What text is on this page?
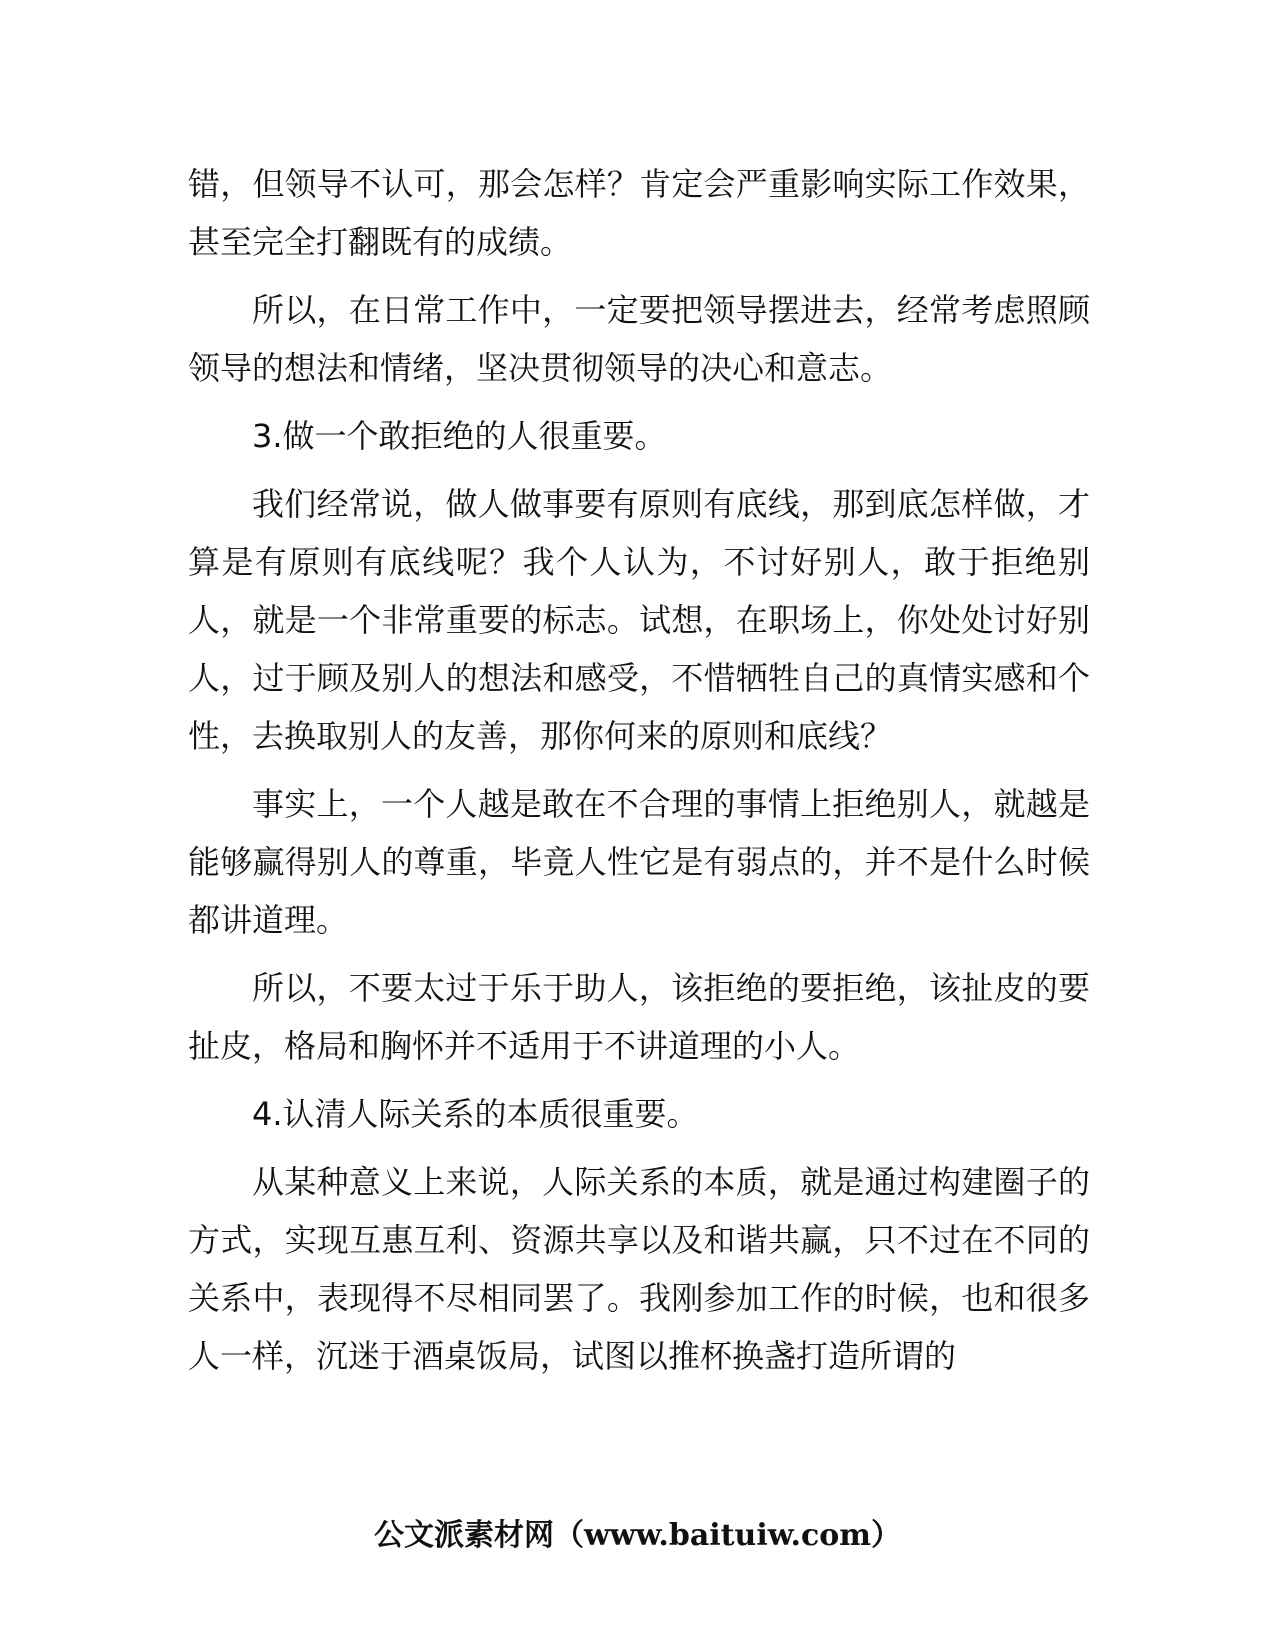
错，但领导不认可，那会怎样？肯定会严重影响实际工作效果，甚至完全打翻既有的成绩。

所以，在日常工作中，一定要把领导摆进去，经常考虑照顾领导的想法和情绪，坚决贯彻领导的决心和意志。

3.做一个敢拒绝的人很重要。

我们经常说，做人做事要有原则有底线，那到底怎样做，才算是有原则有底线呢？我个人认为，不讨好别人，敢于拒绝别人，就是一个非常重要的标志。试想，在职场上，你处处讨好别人，过于顾及别人的想法和感受，不惜牺牲自己的真情实感和个性，去换取别人的友善，那你何来的原则和底线？

事实上，一个人越是敢在不合理的事情上拒绝别人，就越是能够赢得别人的尊重，毕竟人性它是有弱点的，并不是什么时候都讲道理。

所以，不要太过于乐于助人，该拒绝的要拒绝，该扯皮的要扯皮，格局和胸怀并不适用于不讲道理的小人。

4.认清人际关系的本质很重要。

从某种意义上来说，人际关系的本质，就是通过构建圈子的方式，实现互惠互利、资源共享以及和谐共赢，只不过在不同的关系中，表现得不尽相同罢了。我刚参加工作的时候，也和很多人一样，沉迷于酒桌饭局，试图以推杯换盏打造所谓的

公文派素材网（www.baituiw.com）
